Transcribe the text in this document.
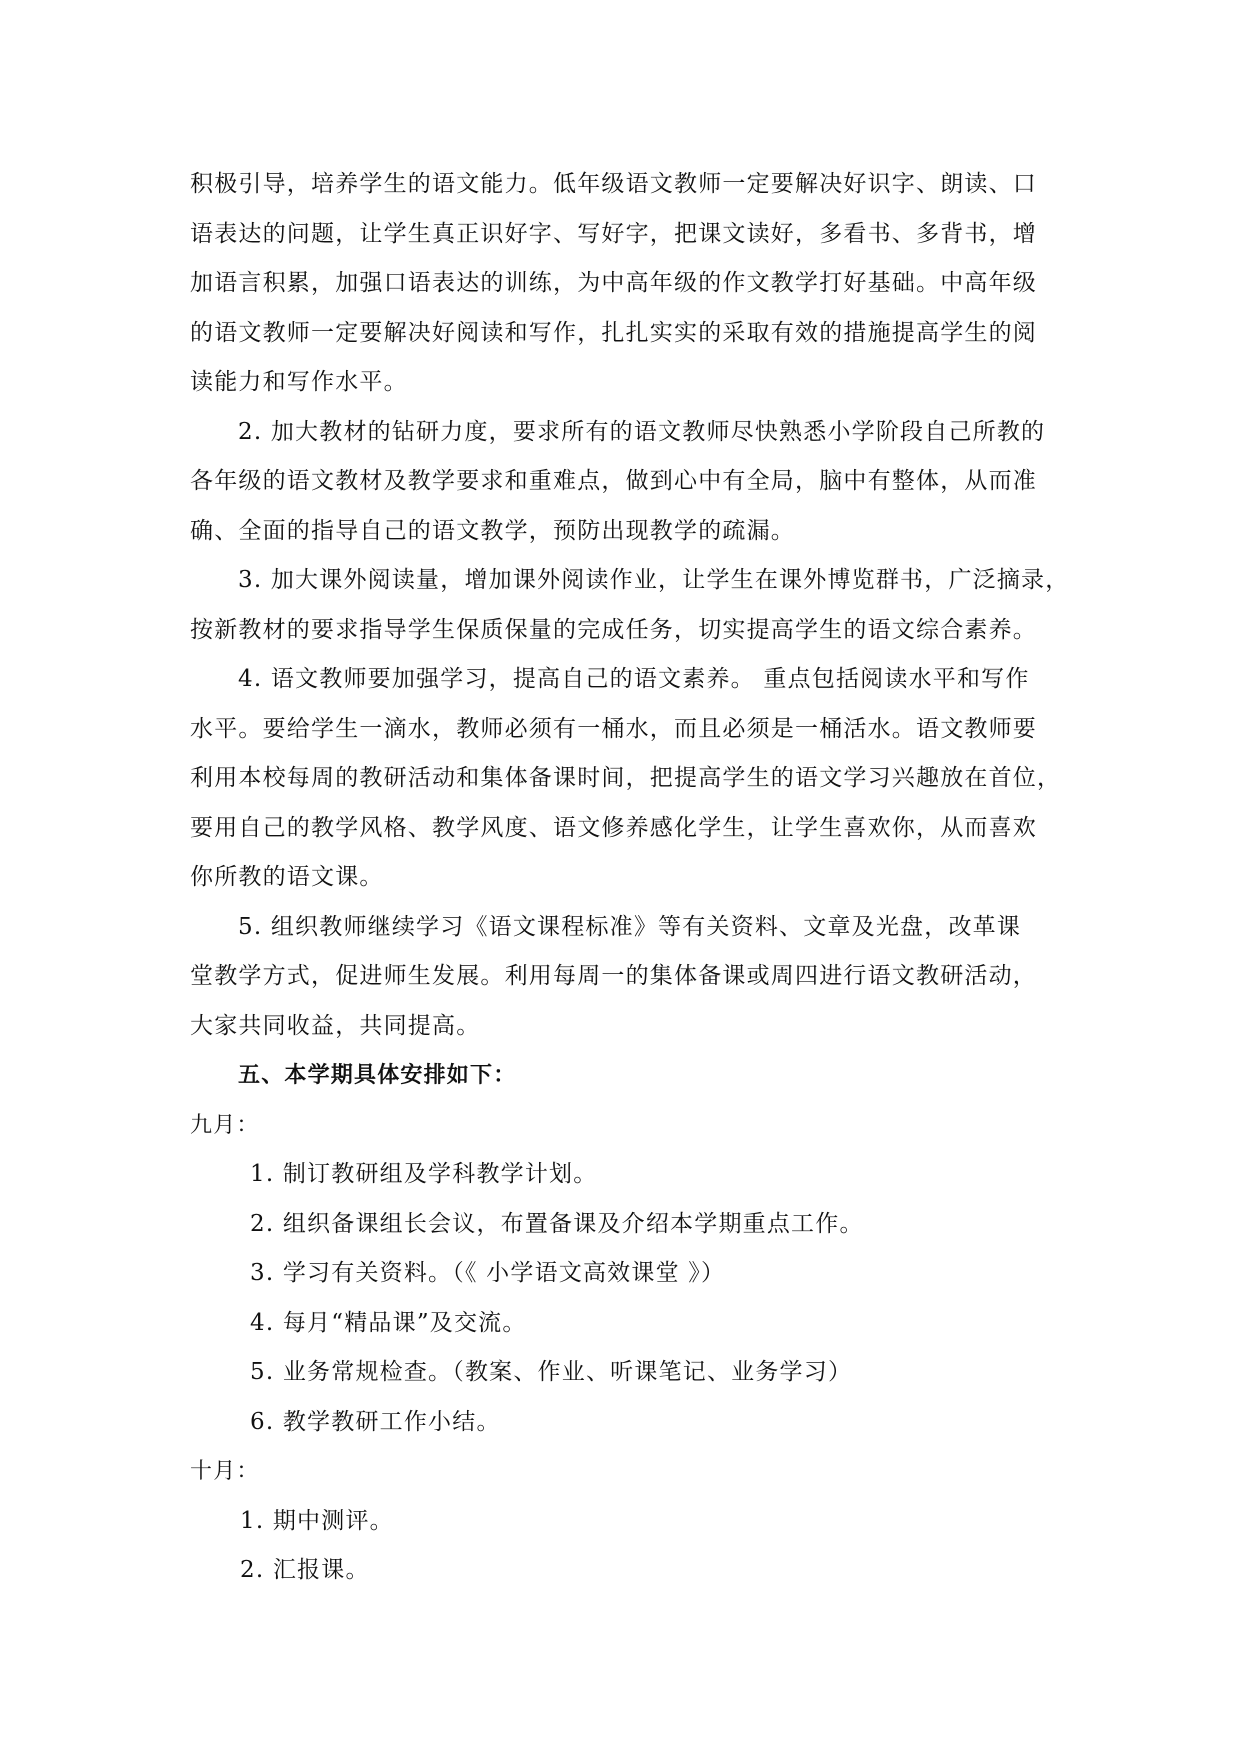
积极引导，培养学生的语文能力。低年级语文教师一定要解决好识字、朗读、口
语表达的问题，让学生真正识好字、写好字，把课文读好，多看书、多背书，增
加语言积累，加强口语表达的训练，为中高年级的作文教学打好基础。中高年级
的语文教师一定要解决好阅读和写作，扎扎实实的采取有效的措施提高学生的阅
读能力和写作水平。
2. 加大教材的钻研力度，要求所有的语文教师尽快熟悉小学阶段自己所教的
各年级的语文教材及教学要求和重难点，做到心中有全局，脑中有整体，从而准
确、全面的指导自己的语文教学，预防出现教学的疏漏。
3. 加大课外阅读量，增加课外阅读作业，让学生在课外博览群书，广泛摘录，
按新教材的要求指导学生保质保量的完成任务，切实提高学生的语文综合素养。
4. 语文教师要加强学习，提高自己的语文素养。 重点包括阅读水平和写作
水平。要给学生一滴水，教师必须有一桶水，而且必须是一桶活水。语文教师要
利用本校每周的教研活动和集体备课时间，把提高学生的语文学习兴趣放在首位，
要用自己的教学风格、教学风度、语文修养感化学生，让学生喜欢你，从而喜欢
你所教的语文课。
5. 组织教师继续学习《语文课程标准》等有关资料、文章及光盘，改革课
堂教学方式，促进师生发展。利用每周一的集体备课或周四进行语文教研活动，
大家共同收益，共同提高。
五、本学期具体安排如下：
九月：
1. 制订教研组及学科教学计划。
2. 组织备课组长会议，布置备课及介绍本学期重点工作。
3. 学习有关资料。（《 小学语文高效课堂 》）
4. 每月“精品课”及交流。
5. 业务常规检查。（教案、作业、听课笔记、业务学习）
6. 教学教研工作小结。
十月：
1. 期中测评。
2. 汇报课。
